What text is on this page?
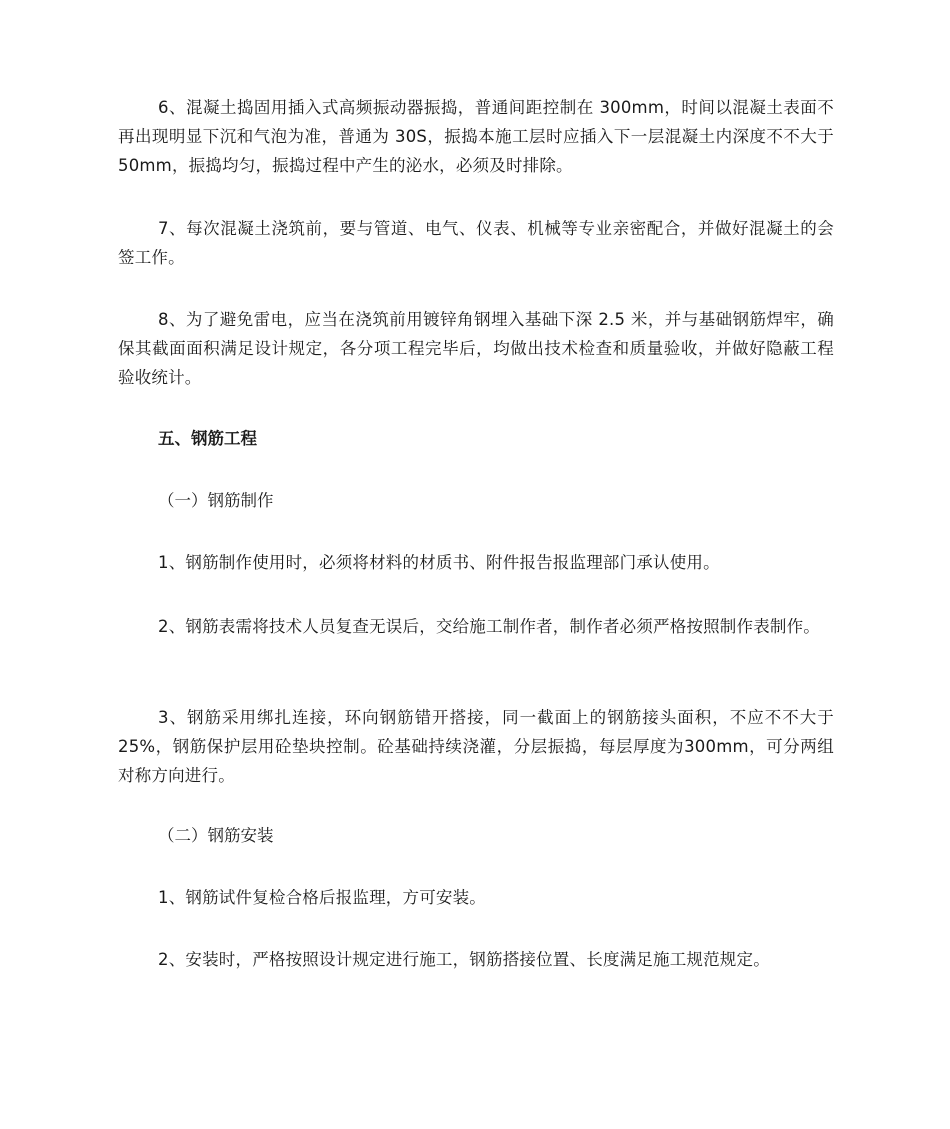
6、混凝土捣固用插入式高频振动器振捣，普通间距控制在 300mm，时间以混凝土表面不再出现明显下沉和气泡为准，普通为 30S，振捣本施工层时应插入下一层混凝土内深度不不大于 50mm，振捣均匀，振捣过程中产生的泌水，必须及时排除。

7、每次混凝土浇筑前，要与管道、电气、仪表、机械等专业亲密配合，并做好混凝土的会签工作。

8、为了避免雷电，应当在浇筑前用镀锌角钢埋入基础下深 2.5 米，并与基础钢筋焊牢，确保其截面面积满足设计规定，各分项工程完毕后，均做出技术检查和质量验收，并做好隐蔽工程验收统计。

五、钢筋工程

（一）钢筋制作

1、钢筋制作使用时，必须将材料的材质书、附件报告报监理部门承认使用。

2、钢筋表需将技术人员复查无误后，交给施工制作者，制作者必须严格按照制作表制作。

3、钢筋采用绑扎连接，环向钢筋错开搭接，同一截面上的钢筋接头面积，不应不不大于 25%，钢筋保护层用砼垫块控制。砼基础持续浇灌，分层振捣，每层厚度为300mm，可分两组对称方向进行。

（二）钢筋安装

1、钢筋试件复检合格后报监理，方可安装。

2、安装时，严格按照设计规定进行施工，钢筋搭接位置、长度满足施工规范规定。
